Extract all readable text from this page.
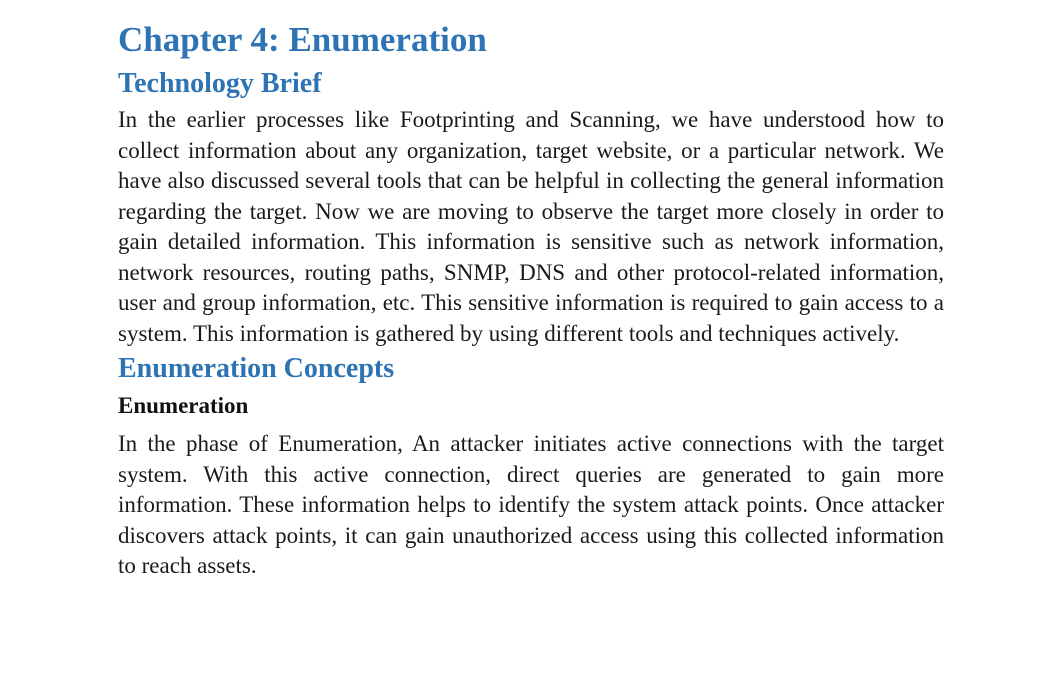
Chapter 4: Enumeration
Technology Brief

In the earlier processes like Footprinting and Scanning, we have understood how to collect information about any organization, target website, or a particular network. We have also discussed several tools that can be helpful in collecting the general information regarding the target. Now we are moving to observe the target more closely in order to gain detailed information. This information is sensitive such as network information, network resources, routing paths, SNMP, DNS and other protocol-related information, user and group information, etc. This sensitive information is required to gain access to a system. This information is gathered by using different tools and techniques actively.

Enumeration Concepts
Enumeration

In the phase of Enumeration, An attacker initiates active connections with the target system. With this active connection, direct queries are generated to gain more information. These information helps to identify the system attack points. Once attacker discovers attack points, it can gain unauthorized access using this collected information to reach assets.
